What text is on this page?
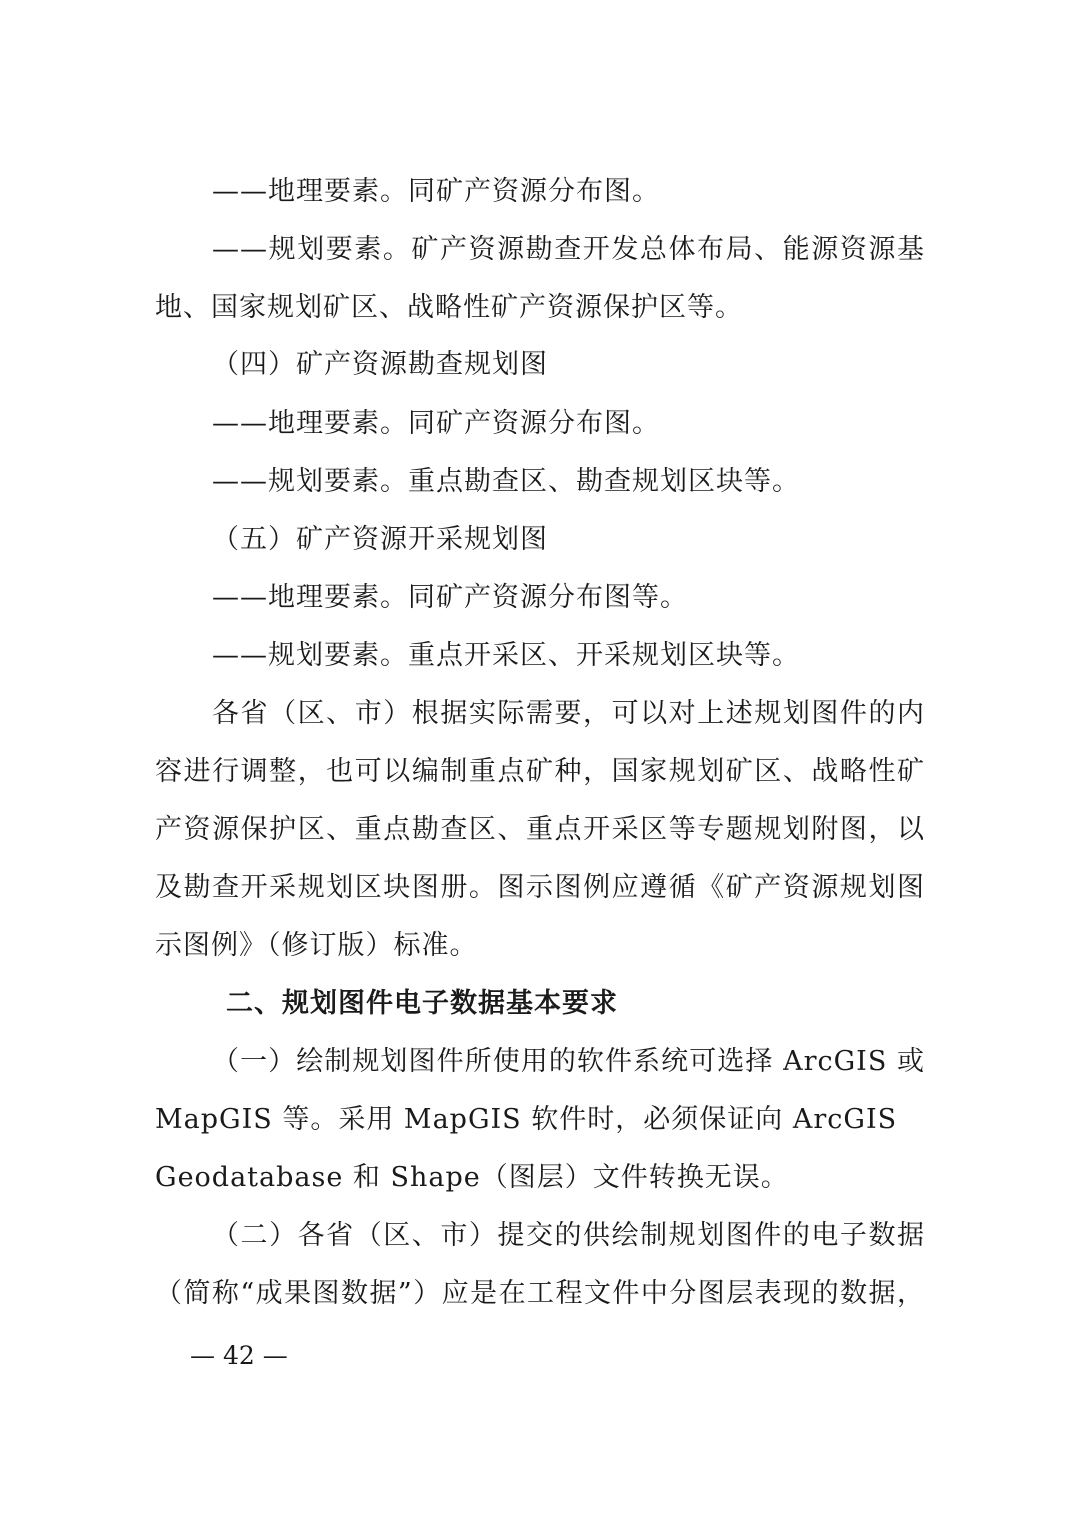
——地理要素。同矿产资源分布图。
——规划要素。矿产资源勘查开发总体布局、能源资源基
地、国家规划矿区、战略性矿产资源保护区等。
（四）矿产资源勘查规划图
——地理要素。同矿产资源分布图。
——规划要素。重点勘查区、勘查规划区块等。
（五）矿产资源开采规划图
——地理要素。同矿产资源分布图等。
——规划要素。重点开采区、开采规划区块等。
各省（区、市）根据实际需要，可以对上述规划图件的内
容进行调整，也可以编制重点矿种，国家规划矿区、战略性矿
产资源保护区、重点勘查区、重点开采区等专题规划附图，以
及勘查开采规划区块图册。图示图例应遵循《矿产资源规划图
示图例》（修订版）标准。
二、规划图件电子数据基本要求
（一）绘制规划图件所使用的软件系统可选择 ArcGIS 或
MapGIS 等。采用 MapGIS 软件时，必须保证向 ArcGIS
Geodatabase 和 Shape（图层）文件转换无误。
（二）各省（区、市）提交的供绘制规划图件的电子数据
（简称“成果图数据”）应是在工程文件中分图层表现的数据，
— 42 —
